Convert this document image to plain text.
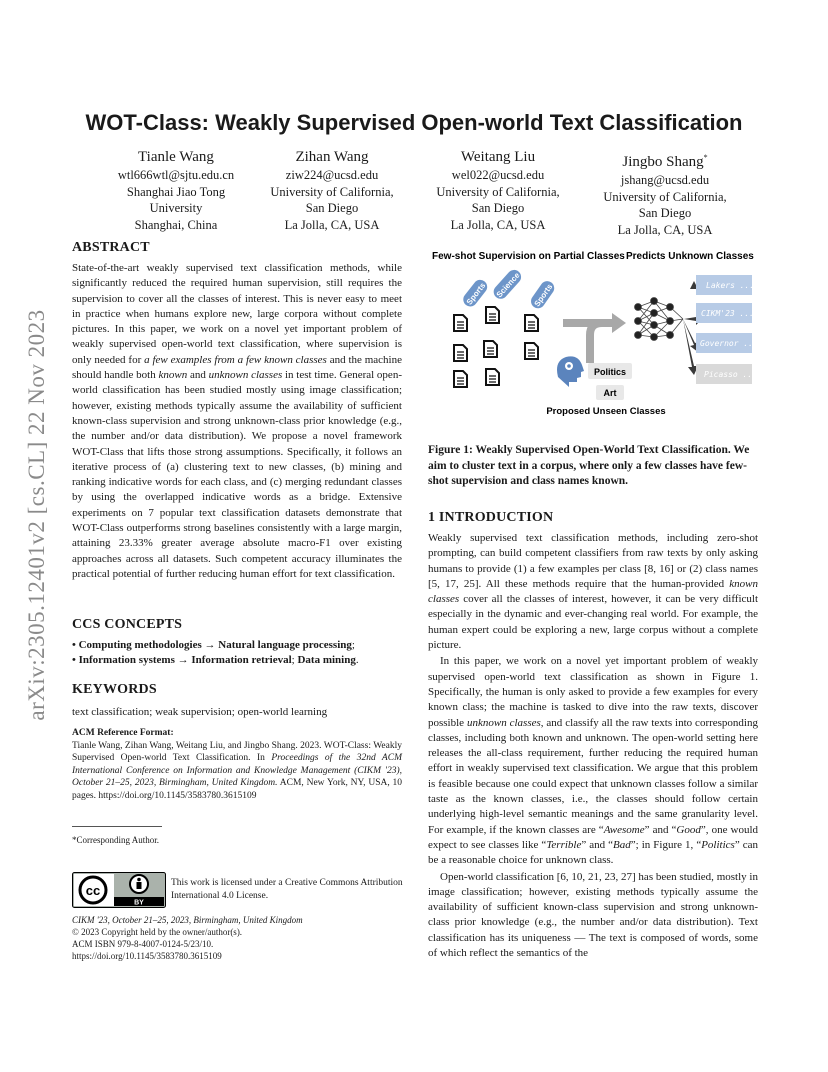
arXiv:2305.12401v2 [cs.CL] 22 Nov 2023
WOT-Class: Weakly Supervised Open-world Text Classification
Tianle Wang
wtl666wtl@sjtu.edu.cn
Shanghai Jiao Tong
University
Shanghai, China
Zihan Wang
ziw224@ucsd.edu
University of California,
San Diego
La Jolla, CA, USA
Weitang Liu
wel022@ucsd.edu
University of California,
San Diego
La Jolla, CA, USA
Jingbo Shang*
jshang@ucsd.edu
University of California,
San Diego
La Jolla, CA, USA
ABSTRACT

State-of-the-art weakly supervised text classification methods, while significantly reduced the required human supervision, still requires the supervision to cover all the classes of interest. This is never easy to meet in practice when humans explore new, large corpora without complete pictures. In this paper, we work on a novel yet important problem of weakly supervised open-world text classification, where supervision is only needed for a few examples from a few known classes and the machine should handle both known and unknown classes in test time. General open-world classification has been studied mostly using image classification; however, existing methods typically assume the availability of sufficient known-class supervision and strong unknown-class prior knowledge (e.g., the number and/or data distribution). We propose a novel framework WOT-Class that lifts those strong assumptions. Specifically, it follows an iterative process of (a) clustering text to new classes, (b) mining and ranking indicative words for each class, and (c) merging redundant classes by using the overlapped indicative words as a bridge. Extensive experiments on 7 popular text classification datasets demonstrate that WOT-Class outperforms strong baselines consistently with a large margin, attaining 23.33% greater average absolute macro-F1 over existing approaches across all datasets. Such competent accuracy illuminates the practical potential of further reducing human effort for text classification.

CCS CONCEPTS
• Computing methodologies → Natural language processing;
• Information systems → Information retrieval; Data mining.
KEYWORDS
text classification; weak supervision; open-world learning
ACM Reference Format:
Tianle Wang, Zihan Wang, Weitang Liu, and Jingbo Shang. 2023. WOT-Class: Weakly Supervised Open-world Text Classification. In Proceedings of the 32nd ACM International Conference on Information and Knowledge Management (CIKM '23), October 21–25, 2023, Birmingham, United Kingdom. ACM, New York, NY, USA, 10 pages. https://doi.org/10.1145/3583780.3615109
*Corresponding Author.
cc
BY
This work is licensed under a Creative Commons Attribution International 4.0 License.
CIKM '23, October 21–25, 2023, Birmingham, United Kingdom
© 2023 Copyright held by the owner/author(s).
ACM ISBN 979-8-4007-0124-5/23/10.
https://doi.org/10.1145/3583780.3615109
Few-shot Supervision on Partial Classes Predicts Unknown Classes
Sports Science Sports	Lakers ...
CIKM'23 ...
Governor ...
Picasso ...
Politics
Art
Proposed Unseen Classes
Figure 1: Weakly Supervised Open-World Text Classification. We aim to cluster text in a corpus, where only a few classes have few-shot supervision and class names known.
1 INTRODUCTION

Weakly supervised text classification methods, including zero-shot prompting, can build competent classifiers from raw texts by only asking humans to provide (1) a few examples per class [8, 16] or (2) class names [5, 17, 25]. All these methods require that the human-provided known classes cover all the classes of interest, however, it can be very difficult especially in the dynamic and ever-changing real world. For example, the human expert could be exploring a new, large corpus without a complete picture.

In this paper, we work on a novel yet important problem of weakly supervised open-world text classification as shown in Figure 1. Specifically, the human is only asked to provide a few examples for every known class; the machine is tasked to dive into the raw texts, discover possible unknown classes, and classify all the raw texts into corresponding classes, including both known and unknown. The open-world setting here releases the all-class requirement, further reducing the required human effort in weakly supervised text classification. We argue that this problem is feasible because one could expect that unknown classes follow a similar taste as the known classes, i.e., the classes should follow certain underlying high-level semantic meanings and the same granularity level. For example, if the known classes are “Awesome” and “Good”, one would expect to see classes like “Terrible” and “Bad”; in Figure 1, “Politics” can be a reasonable choice for unknown class.

Open-world classification [6, 10, 21, 23, 27] has been studied, mostly in image classification; however, existing methods typically assume the availability of sufficient known-class supervision and strong unknown-class prior knowledge (e.g., the number and/or data distribution). Text classification has its uniqueness — The text is composed of words, some of which reflect the semantics of the
